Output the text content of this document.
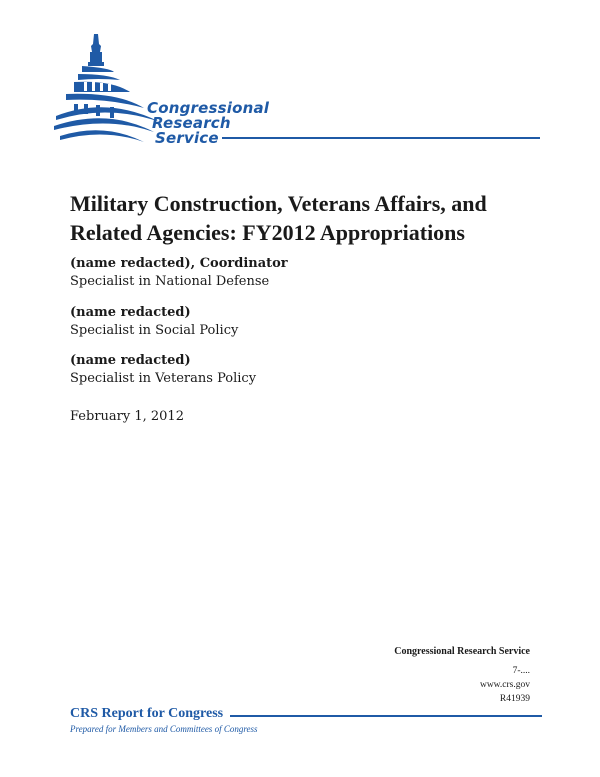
Congressional
Research
Service
Military Construction, Veterans Affairs, and Related Agencies: FY2012 Appropriations
(name redacted), Coordinator
Specialist in National Defense
(name redacted)
Specialist in Social Policy
(name redacted)
Specialist in Veterans Policy
February 1, 2012
Congressional Research Service
7-....
www.crs.gov
R41939
CRS Report for Congress
Prepared for Members and Committees of Congress
